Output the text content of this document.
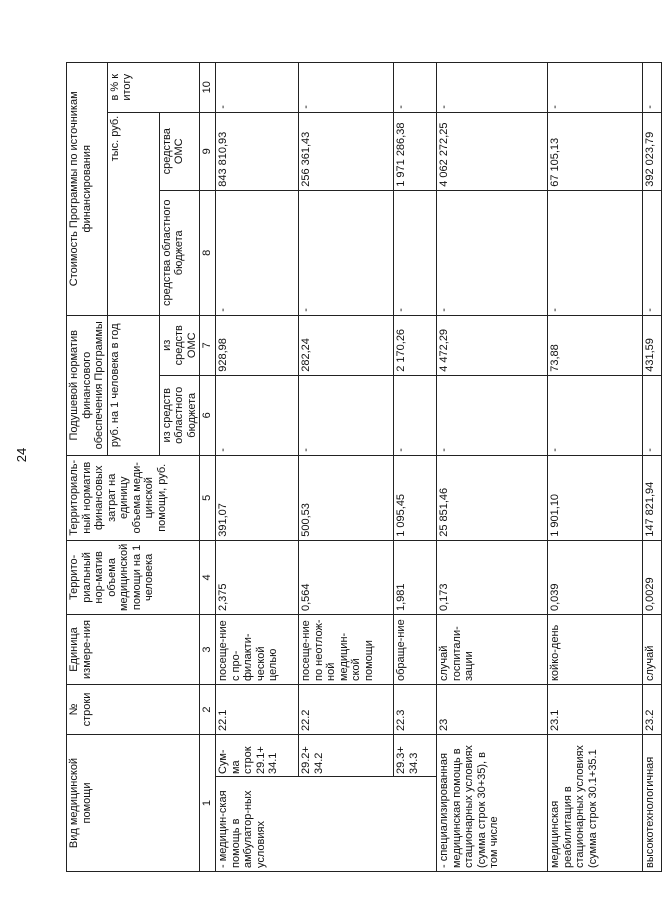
24
Вид медицинской помощи		№ строки	Единица измере-ния	Террито-риальный нор-матив объема медицинской помощи на 1 человека	Территориаль-ный норматив финансовых затрат на единицу объема меди-цинской помощи, руб.	Подушевой норматив финансового обеспечения Программы		Стоимость Программы по источникам финансирования		
						руб. на 1 человека в год		тыс. руб.		в % к итогу
						из средств областного бюджета	из средств ОМС	средства областного бюджета	средства ОМС	
1		2	3	4	5	6	7	8	9	10
- медицин-ская помощь в амбулатор-ных условиях	Сум-ма строк 29.1+ 34.1	22.1	посеще-ние с про-филакти-ческой целью	2,375	391,07	-	928,98	-	843 810,93	-
	29.2+ 34.2	22.2	посеще-ние по неотлож-ной медицин-ской помощи	0,564	500,53	-	282,24	-	256 361,43	-
	29.3+ 34.3	22.3	обраще-ние	1,981	1 095,45	-	2 170,26	-	1 971 286,38	-
- специализированная медицинская помощь в стационарных условиях (сумма строк 30+35), в том числе		23	случай госпитали-зации	0,173	25 851,46	-	4 472,29	-	4 062 272,25	-
медицинская реабилитация в стационарных условиях (сумма строк 30.1+35.1		23.1	койко-день	0,039	1 901,10	-	73,88	-	67 105,13	-
высокотехнологичная		23.2	случай	0,0029	147 821,94	-	431,59	-	392 023,79	-
